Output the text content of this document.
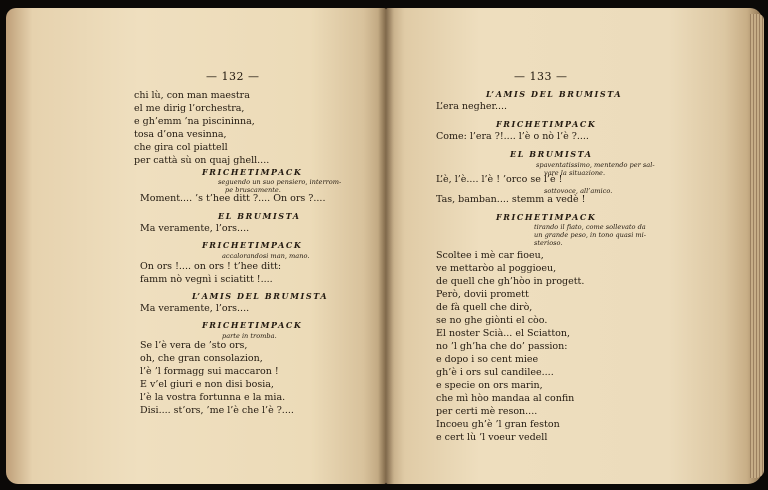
— 132 —
chi lù, con man maestra
el me dirig l’orchestra,
e gh’emm ’na piscininna,
tosa d’ona vesinna,
che gira col piattell
per cattà sù on quaj ghell....
FRICHETIMPACK
seguendo un suo pensiero, interrom-
pe bruscamente.
Moment.... ’s t’hee ditt ?.... On ors ?....
EL BRUMISTA
Ma veramente, l’ors....
FRICHETIMPACK
accalorandosi man, mano.
On ors !.... on ors ! t’hee ditt:
famm nò vegnì i sciatitt !....
L’AMIS DEL BRUMISTA
Ma veramente, l’ors....
FRICHETIMPACK
parte in tromba.
Se l’è vera de ’sto ors,
oh, che gran consolazion,
l’è ’l formagg sui maccaron !
E v’el giuri e non disi bosia,
l’è la vostra fortunna e la mia.
Disi.... st’ors, ’me l’è che l’è ?....
— 133 —
L’AMIS DEL BRUMISTA
L’era negher....
FRICHETIMPACK
Come: l’era ?!.... l’è o nò l’è ?....
EL BRUMISTA
spaventatissimo, mentendo per sal-
vare la situazione.
L’è, l’è.... l’è ! ’orco se l’è !
sottovoce, all’amico.
Tas, bamban.... stemm a vedè !
FRICHETIMPACK
tirando il fiato, come sollevato da
un grande peso, in tono quasi mi-
sterioso.
Scoltee i mè car fioeu,
ve mettaròo al poggioeu,
de quell che gh’hòo in progett.
Però, dovii promett
de fà quell che dirò,
se no ghe giònti el còo.
El noster Scià... el Sciatton,
no ’l gh’ha che do’ passion:
e dopo i so cent miee
gh’è i ors sul candilee....
e specie on ors marin,
che mì hòo mandaa al confin
per certi mè reson....
Incoeu gh’è ’l gran feston
e cert lù ’l voeur vedell
